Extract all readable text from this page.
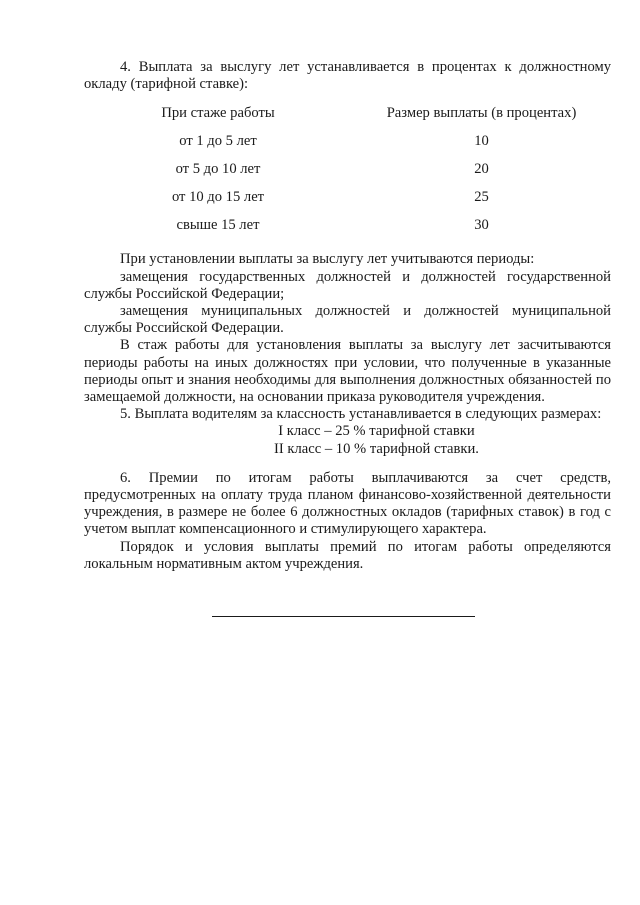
4. Выплата за выслугу лет устанавливается в процентах к должностному окладу (тарифной ставке):

При стаже работы	Размер выплаты (в процентах)
от 1 до 5 лет	10
от 5 до 10 лет	20
от 10 до 15 лет	25
свыше 15 лет	30

При установлении выплаты за выслугу лет учитываются периоды:

замещения государственных должностей и должностей государственной службы Российской Федерации;

замещения муниципальных должностей и должностей муниципальной службы Российской Федерации.

В стаж работы для установления выплаты за выслугу лет засчитываются периоды работы на иных должностях при условии, что полученные в указанные периоды опыт и знания необходимы для выполнения должностных обязанностей по замещаемой должности, на основании приказа руководителя учреждения.

5. Выплата водителям за классность устанавливается в следующих размерах:

I класс – 25 % тарифной ставки

II класс – 10 % тарифной ставки.

6. Премии по итогам работы выплачиваются за счет средств, предусмотренных на оплату труда планом финансово-хозяйственной деятельности учреждения, в размере не более 6 должностных окладов (тарифных ставок) в год с учетом выплат компенсационного и стимулирующего характера.

Порядок и условия выплаты премий по итогам работы определяются локальным нормативным актом учреждения.
